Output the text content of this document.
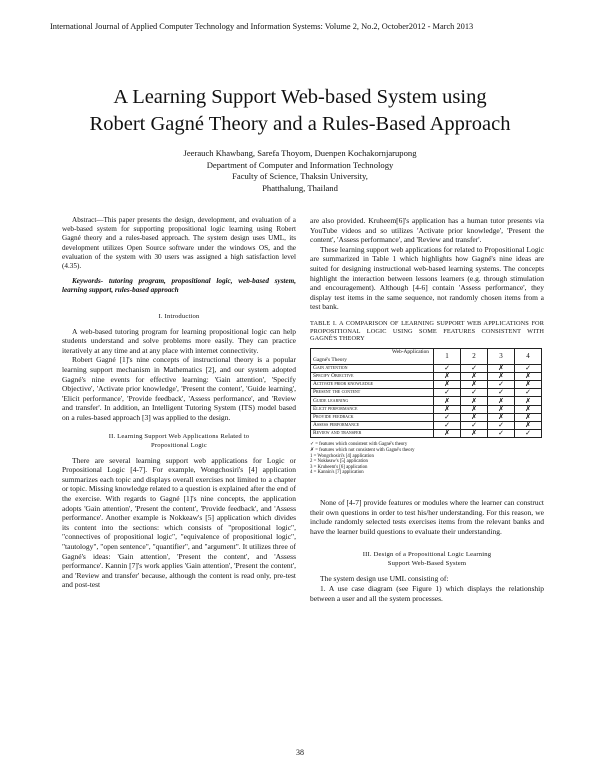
International Journal of Applied Computer Technology and Information Systems: Volume 2, No.2, October2012 - March 2013
A Learning Support Web-based System using
Robert Gagné Theory and a Rules-Based Approach
Jeerauch Khawbang, Sarefa Thoyom, Duenpen Kochakornjarupong
Department of Computer and Information Technology
Faculty of Science, Thaksin University,
Phatthalung, Thailand

Abstract—This paper presents the design, development, and evaluation of a web-based system for supporting propositional logic learning using Robert Gagné theory and a rules-based approach. The system design uses UML, its development utilizes Open Source software under the windows OS, and the evaluation of the system with 30 users was assigned a high satisfaction level (4.35).

Keywords- tutoring program, propositional logic, web-based system, learning support, rules-based approach

I. Introduction

A web-based tutoring program for learning propositional logic can help students understand and solve problems more easily. They can practice iteratively at any time and at any place with internet connectivity.

Robert Gagné [1]'s nine concepts of instructional theory is a popular learning support mechanism in Mathematics [2], and our system adopted Gagné's nine events for effective learning: 'Gain attention', 'Specify Objective', 'Activate prior knowledge', 'Present the content', 'Guide learning', 'Elicit performance', 'Provide feedback', 'Assess performance', and 'Review and transfer'. In addition, an Intelligent Tutoring System (ITS) model based on a rules-based approach [3] was applied to the design.

II. Learning Support Web Applications Related to
Propositional Logic

There are several learning support web applications for Logic or Propositional Logic [4-7]. For example, Wongchosiri's [4] application summarizes each topic and displays overall exercises not limited to a chapter or topic. Missing knowledge related to a question is explained after the end of the exercise. With regards to Gagné [1]'s nine concepts, the application adopts 'Gain attention', 'Present the content', 'Provide feedback', and 'Assess performance'. Another example is Nokkeaw's [5] application which divides its content into the sections: which consists of "propositional logic", "connectives of propositional logic", "equivalence of propositional logic", "tautology", "open sentence", "quantifier", and "argument". It utilizes three of Gagné's ideas: 'Gain attention', 'Present the content', and 'Assess performance'. Kannin [7]'s work applies 'Gain attention', 'Present the content', and 'Review and transfer' because, although the content is read only, pre-test and post-test

are also provided. Kruheem[6]'s application has a human tutor presents via YouTube videos and so utilizes 'Activate prior knowledge', 'Present the content', 'Assess performance', and 'Review and transfer'.

These learning support web applications for related to Propositional Logic are summarized in Table 1 which highlights how Gagné's nine ideas are suited for designing instructional web-based learning systems. The concepts highlight the interaction between lessons learners (e.g. through stimulation and encouragement). Although [4-6] contain 'Assess performance', they display test items in the same sequence, not randomly chosen items from a test bank.

TABLE I. A COMPARISON OF LEARNING SUPPORT WEB APPLICATIONS FOR PROPOSITIONAL LOGIC USING SOME FEATURES CONSISTENT WITH GAGNÉ'S THEORY
Web-Application
Gagné's Theory	1	2	3	4
Gain attention	✓	✓	✗	✓
Specify Objective	✗	✗	✗	✗
Activate prior knowledge	✗	✗	✓	✗
Present the content	✓	✓	✓	✓
Guide learning	✗	✗	✗	✗
Elicit performance	✗	✗	✗	✗
Provide feedback	✓	✗	✗	✗
Assess performance	✓	✓	✓	✗
Review and transfer	✗	✗	✓	✓
✓ = features which consistent with Gagné's theory
✗ = features which not consistent with Gagné's theory
1 = Wongchosiri's [4] application
2 = Nokkeaw's [5] application
3 = Kruheem's [6] application
4 = Kannin's [7] application

None of [4-7] provide features or modules where the learner can construct their own questions in order to test his/her understanding. For this reason, we include randomly selected tests exercises items from the relevant banks and have the learner build questions to evaluate their understanding.

III. Design of a Propositional Logic Learning
Support Web-Based System

The system design use UML consisting of:

1. A use case diagram (see Figure 1) which displays the relationship between a user and all the system processes.

38
